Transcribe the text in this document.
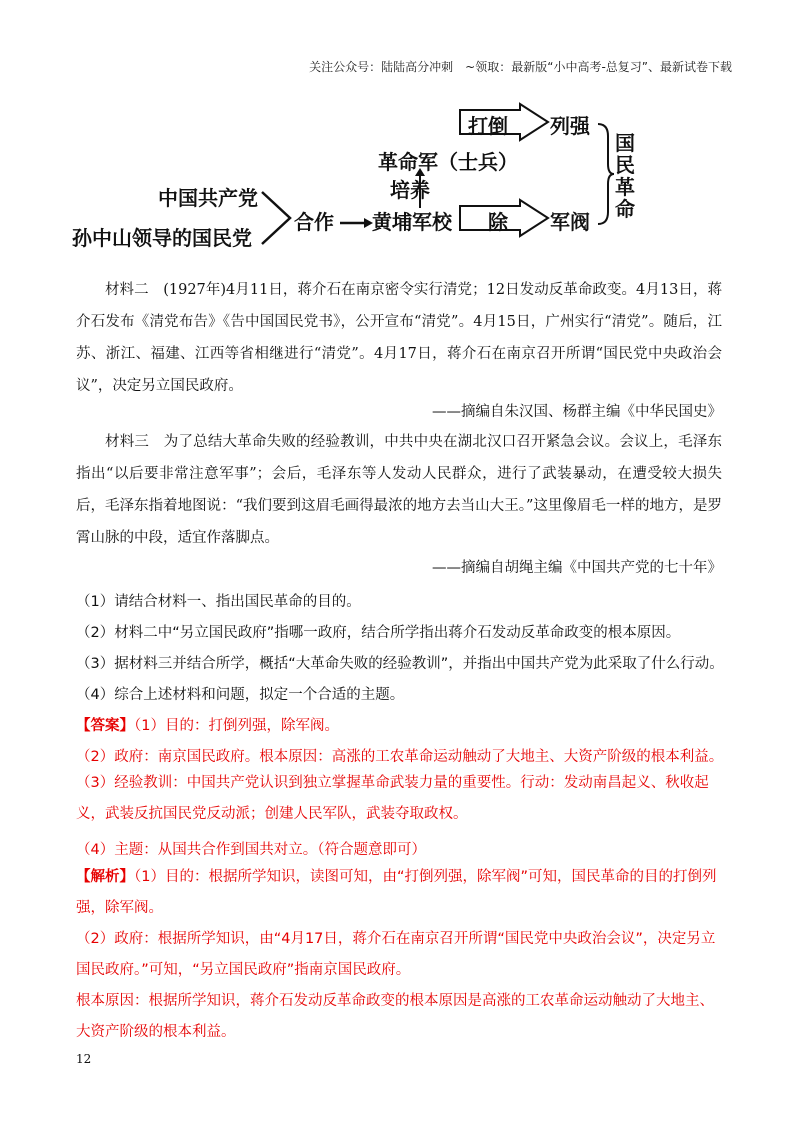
关注公众号：陆陆高分冲刺　~领取：最新版“小中高考-总复习”、最新试卷下载
中国共产党
孙中山领导的国民党
合作 黄埔军校
培养
革命军（士兵）
打倒 列强
除 军阀
国民革命

材料二　(1927年)4月11日，蒋介石在南京密令实行清党；12日发动反革命政变。4月13日，蒋介石发布《清党布告》《告中国国民党书》，公开宣布“清党”。4月15日，广州实行“清党”。随后，江苏、浙江、福建、江西等省相继进行“清党”。4月17日，蒋介石在南京召开所谓“国民党中央政治会议”，决定另立国民政府。

——摘编自朱汉国、杨群主编《中华民国史》

材料三　为了总结大革命失败的经验教训，中共中央在湖北汉口召开紧急会议。会议上，毛泽东指出“以后要非常注意军事”；会后，毛泽东等人发动人民群众，进行了武装暴动，在遭受较大损失后，毛泽东指着地图说：“我们要到这眉毛画得最浓的地方去当山大王。”这里像眉毛一样的地方，是罗霄山脉的中段，适宜作落脚点。

——摘编自胡绳主编《中国共产党的七十年》
（1）请结合材料一、指出国民革命的目的。
（2）材料二中“另立国民政府”指哪一政府，结合所学指出蒋介石发动反革命政变的根本原因。
（3）据材料三并结合所学，概括“大革命失败的经验教训”，并指出中国共产党为此采取了什么行动。
（4）综合上述材料和问题，拟定一个合适的主题。
【答案】（1）目的：打倒列强，除军阀。
（2）政府：南京国民政府。根本原因：高涨的工农革命运动触动了大地主、大资产阶级的根本利益。

（3）经验教训：中国共产党认识到独立掌握革命武装力量的重要性。行动：发动南昌起义、秋收起义，武装反抗国民党反动派；创建人民军队，武装夺取政权。

（4）主题：从国共合作到国共对立。（符合题意即可）

【解析】（1）目的：根据所学知识，读图可知，由“打倒列强，除军阀”可知，国民革命的目的打倒列强，除军阀。

（2）政府：根据所学知识，由“4月17日，蒋介石在南京召开所谓“国民党中央政治会议”，决定另立国民政府。”可知，“另立国民政府”指南京国民政府。

根本原因：根据所学知识，蒋介石发动反革命政变的根本原因是高涨的工农革命运动触动了大地主、大资产阶级的根本利益。

12
